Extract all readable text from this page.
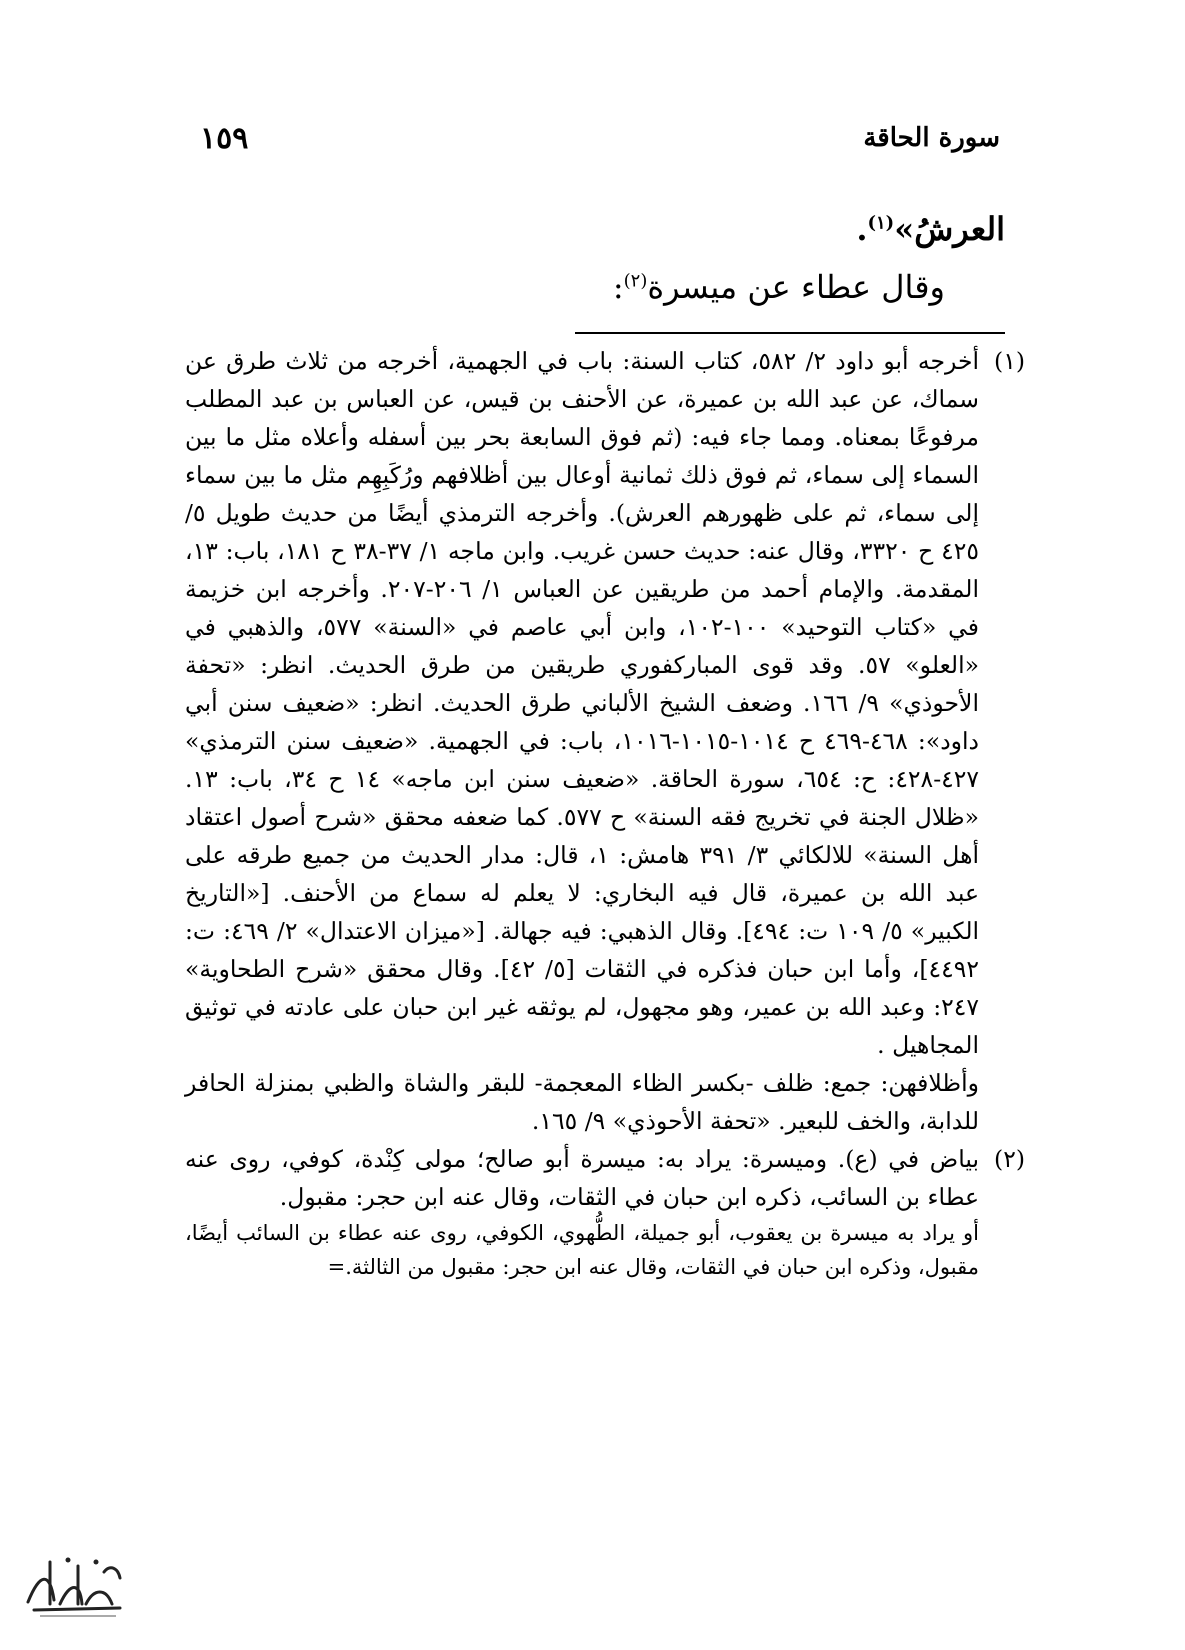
سورة الحاقة
١٥٩
العرشُ»$^{(١)}$.
وقال عطاء عن ميسرة$^{(٢)}$:

(١)
أخرجه أبو داود ٢/ ٥٨٢، كتاب السنة: باب في الجهمية، أخرجه من ثلاث طرق عن سماك، عن عبد الله بن عميرة، عن الأحنف بن قيس، عن العباس بن عبد المطلب مرفوعًا بمعناه. ومما جاء فيه: (ثم فوق السابعة بحر بين أسفله وأعلاه مثل ما بين السماء إلى سماء، ثم فوق ذلك ثمانية أوعال بين أظلافهم ورُكَبِهِم مثل ما بين سماء إلى سماء، ثم على ظهورهم العرش). وأخرجه الترمذي أيضًا من حديث طويل ٥/ ٤٢٥ ح ٣٣٢٠، وقال عنه: حديث حسن غريب. وابن ماجه ١/ ٣٧-٣٨ ح ١٨١، باب: ١٣، المقدمة. والإمام أحمد من طريقين عن العباس ١/ ٢٠٦-٢٠٧. وأخرجه ابن خزيمة في «كتاب التوحيد» ١٠٠-١٠٢، وابن أبي عاصم في «السنة» ٥٧٧، والذهبي في «العلو» ٥٧. وقد قوى المباركفوري طريقين من طرق الحديث. انظر: «تحفة الأحوذي» ٩/ ١٦٦. وضعف الشيخ الألباني طرق الحديث. انظر: «ضعيف سنن أبي داود»: ٤٦٨-٤٦٩ ح ١٠١٤-١٠١٥-١٠١٦، باب: في الجهمية. «ضعيف سنن الترمذي» ٤٢٧-٤٢٨: ح: ٦٥٤، سورة الحاقة. «ضعيف سنن ابن ماجه» ١٤ ح ٣٤، باب: ١٣. «ظلال الجنة في تخريج فقه السنة» ح ٥٧٧. كما ضعفه محقق «شرح أصول اعتقاد أهل السنة» للالكائي ٣/ ٣٩١ هامش: ١، قال: مدار الحديث من جميع طرقه على عبد الله بن عميرة، قال فيه البخاري: لا يعلم له سماع من الأحنف. [«التاريخ الكبير» ٥/ ١٠٩ ت: ٤٩٤]. وقال الذهبي: فيه جهالة. [«ميزان الاعتدال» ٢/ ٤٦٩: ت: ٤٤٩٢]، وأما ابن حبان فذكره في الثقات [٥/ ٤٢]. وقال محقق «شرح الطحاوية» ٢٤٧: وعبد الله بن عمير، وهو مجهول، لم يوثقه غير ابن حبان على عادته في توثيق المجاهيل .

وأظلافهن: جمع: ظلف -بكسر الظاء المعجمة- للبقر والشاة والظبي بمنزلة الحافر للدابة، والخف للبعير. «تحفة الأحوذي» ٩/ ١٦٥.

(٢)
بياض في (ع). وميسرة: يراد به: ميسرة أبو صالح؛ مولى كِنْدة، كوفي، روى عنه عطاء بن السائب، ذكره ابن حبان في الثقات، وقال عنه ابن حجر: مقبول.

أو يراد به ميسرة بن يعقوب، أبو جميلة، الطُّهوي، الكوفي، روى عنه عطاء بن السائب أيضًا، مقبول، وذكره ابن حبان في الثقات، وقال عنه ابن حجر: مقبول من الثالثة.=
